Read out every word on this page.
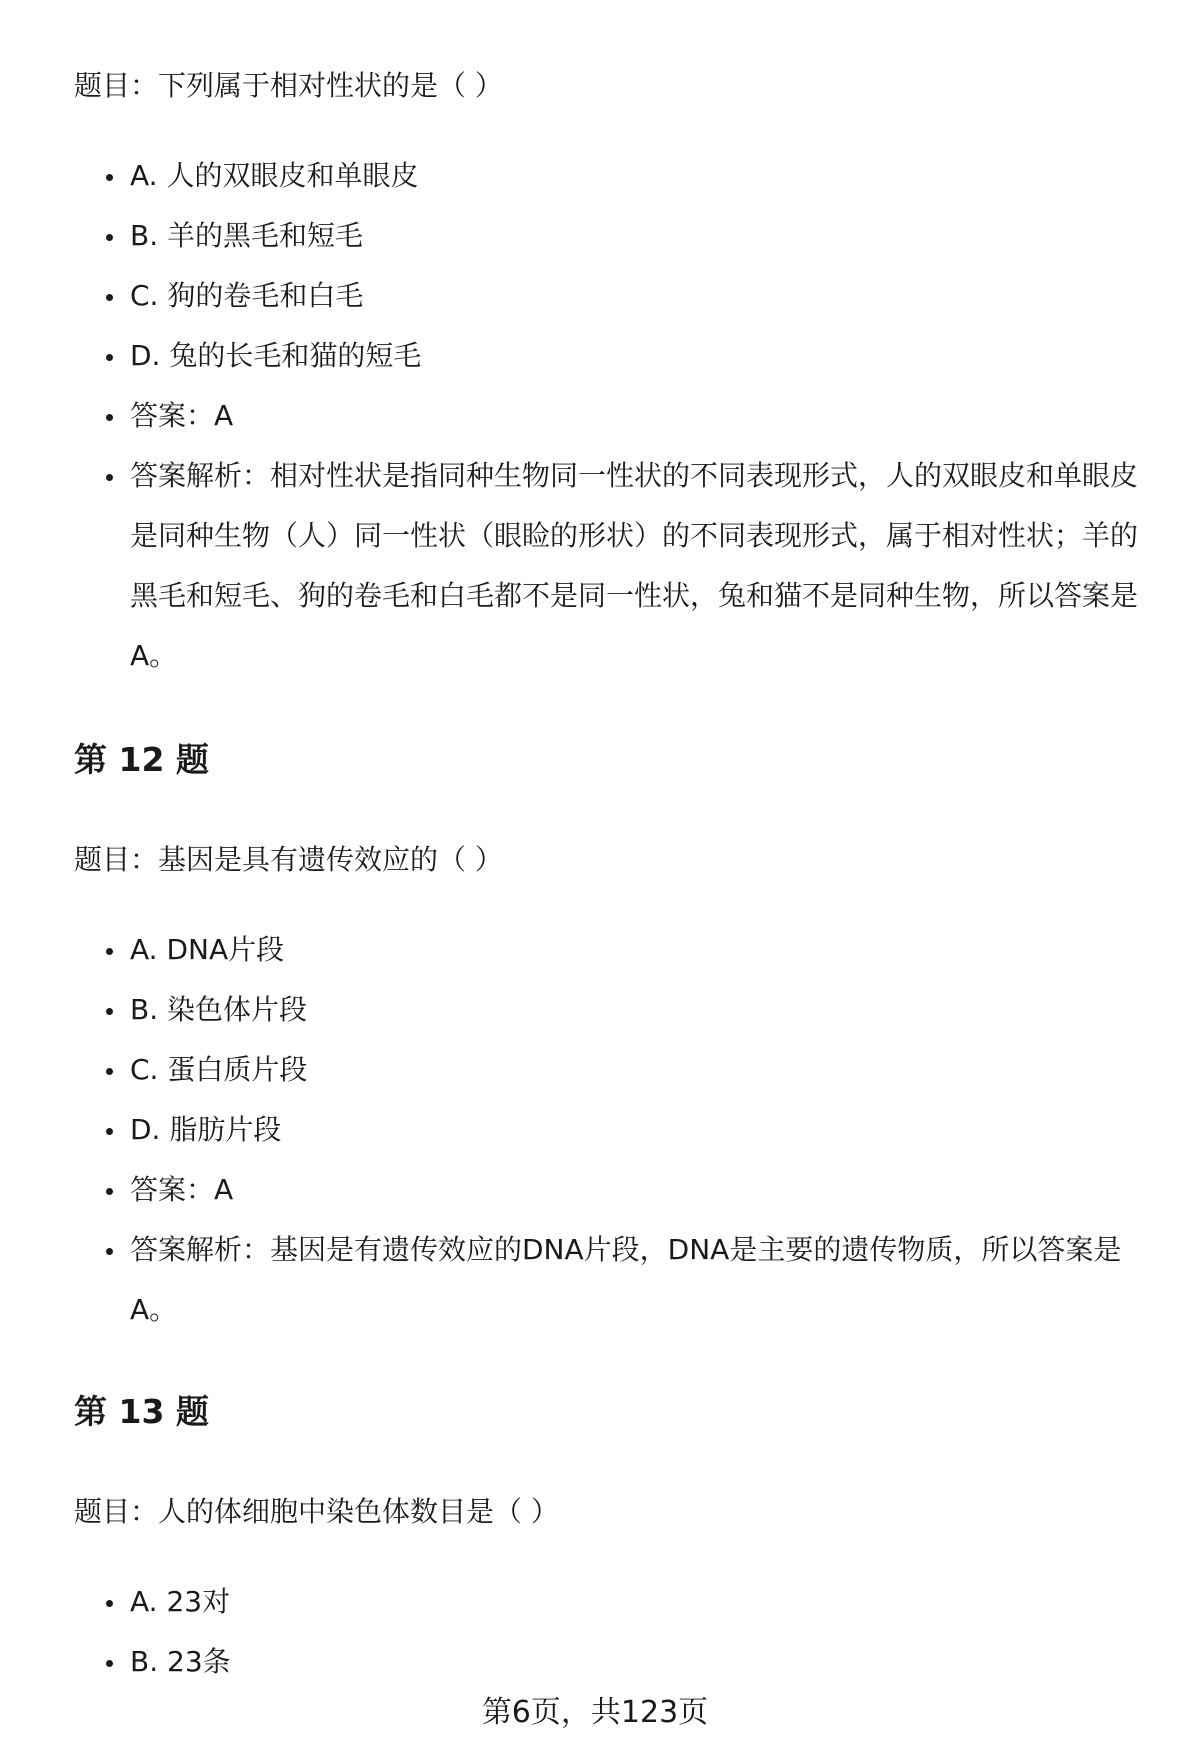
题目：下列属于相对性状的是（ ）

A. 人的双眼皮和单眼皮
B. 羊的黑毛和短毛
C. 狗的卷毛和白毛
D. 兔的长毛和猫的短毛
答案：A
答案解析：相对性状是指同种生物同一性状的不同表现形式，人的双眼皮和单眼皮是同种生物（人）同一性状（眼睑的形状）的不同表现形式，属于相对性状；羊的黑毛和短毛、狗的卷毛和白毛都不是同一性状，兔和猫不是同种生物，所以答案是A。
第 12 题

题目：基因是具有遗传效应的（ ）

A. DNA片段
B. 染色体片段
C. 蛋白质片段
D. 脂肪片段
答案：A
答案解析：基因是有遗传效应的DNA片段，DNA是主要的遗传物质，所以答案是A。
第 13 题

题目：人的体细胞中染色体数目是（ ）

A. 23对
B. 23条
第6页，共123页
